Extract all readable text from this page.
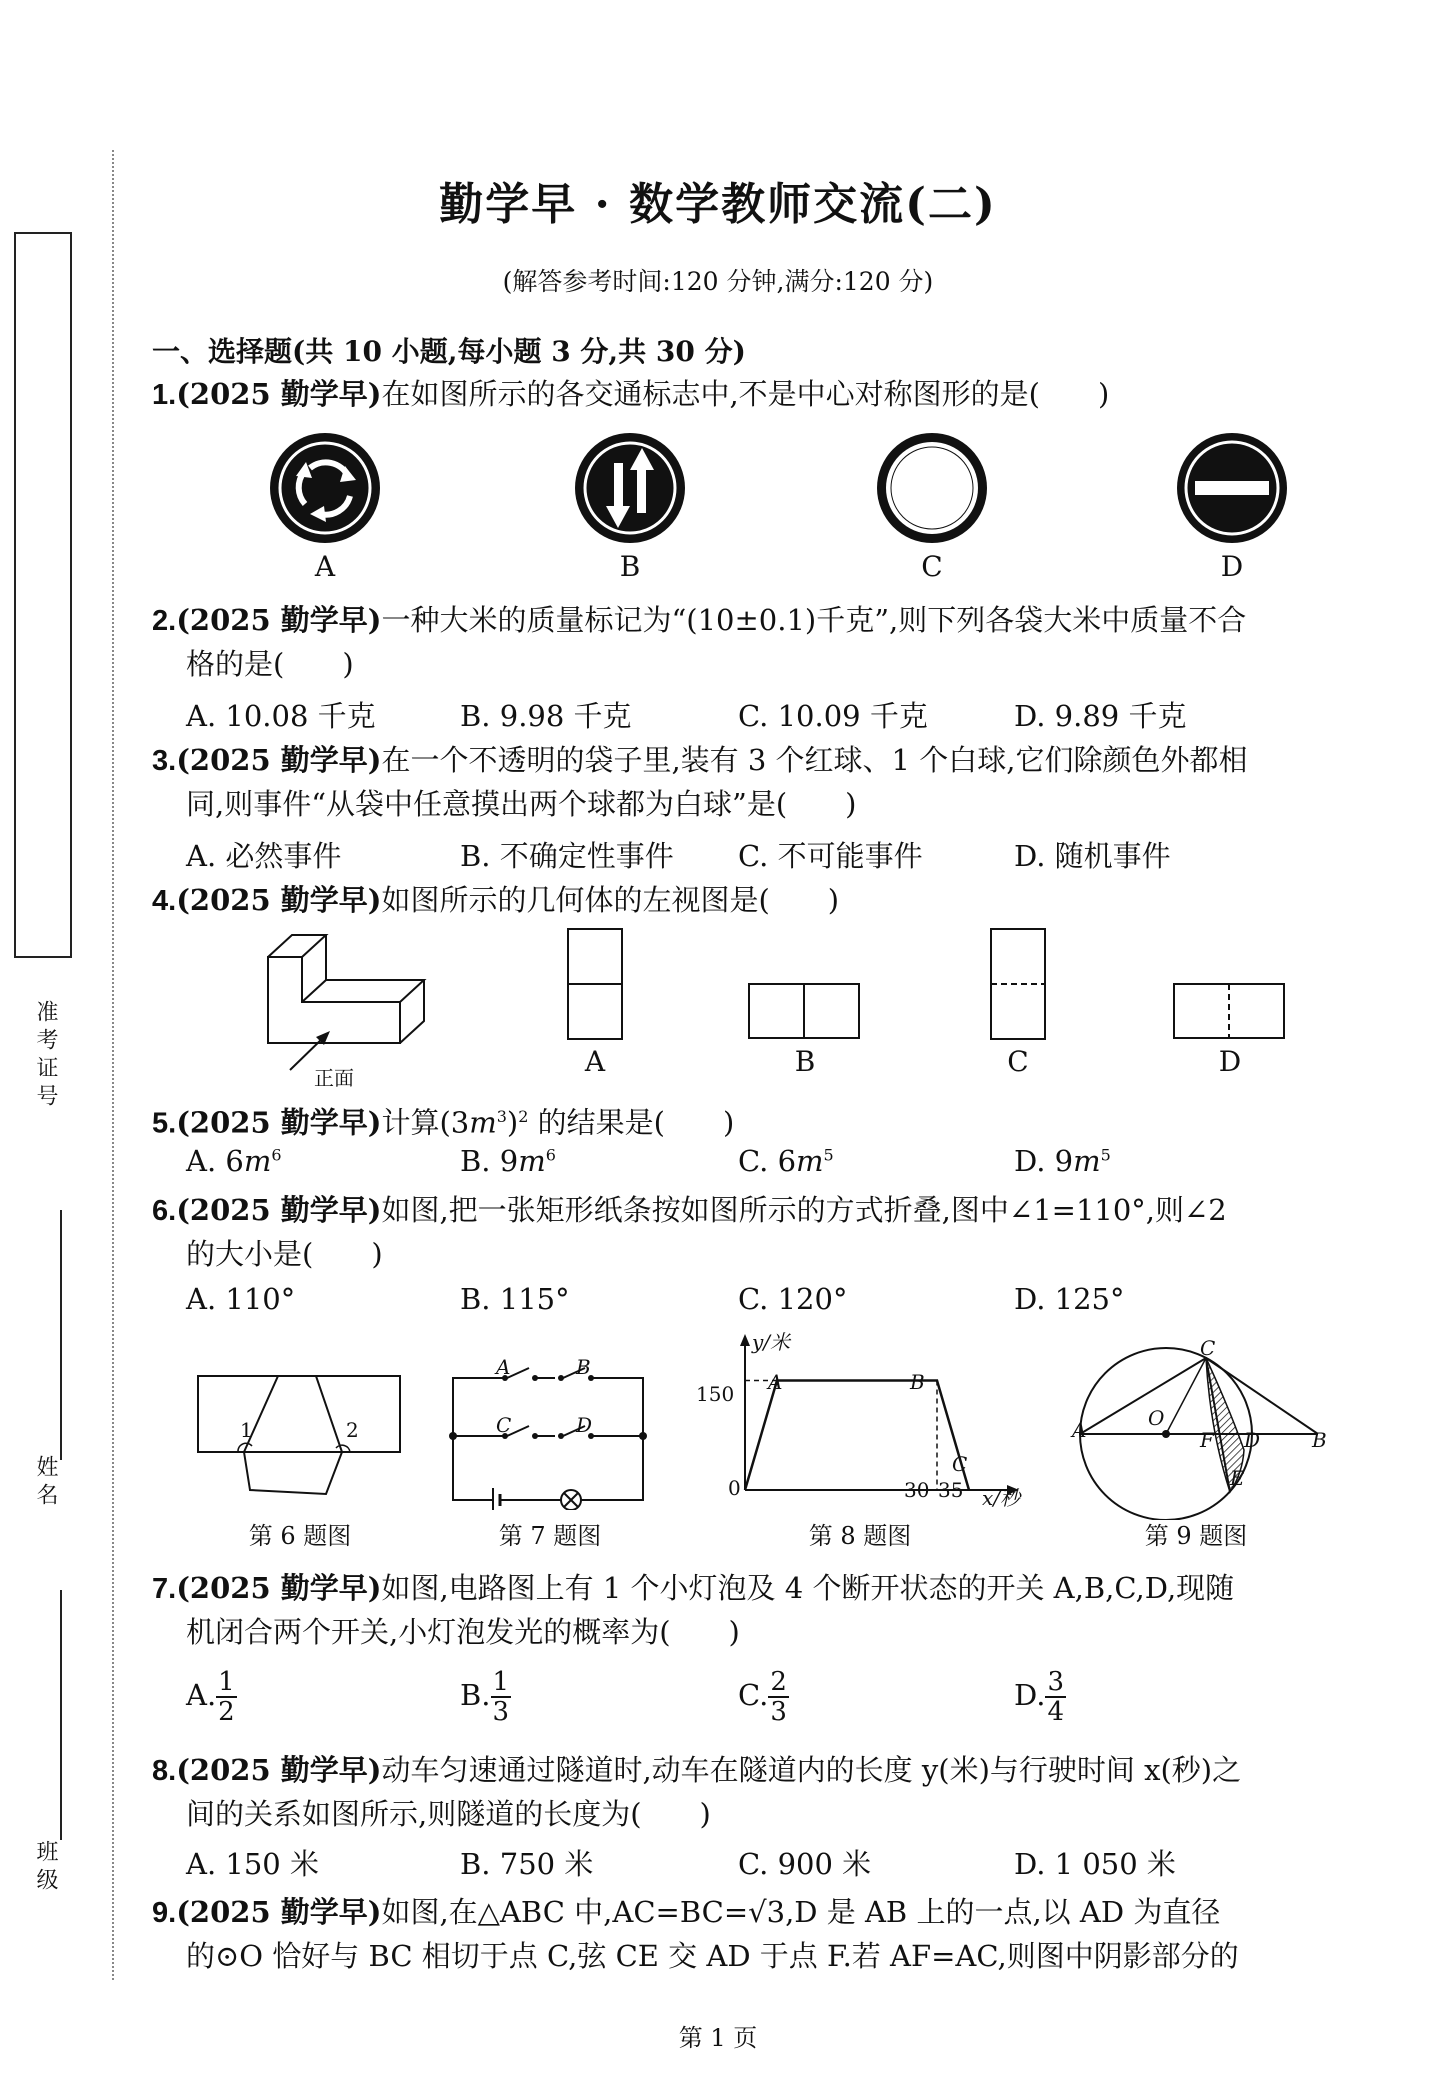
准考证号
姓名
班级
勤学早 · 数学教师交流(二)
(解答参考时间:120 分钟,满分:120 分)
一、选择题(共 10 小题,每小题 3 分,共 30 分)
1.(2025 勤学早)在如图所示的各交通标志中,不是中心对称图形的是(　　)
A	B	C	D
2.(2025 勤学早)一种大米的质量标记为“(10±0.1)千克”,则下列各袋大米中质量不合
格的是(　　)
A. 10.08 千克	B. 9.98 千克	C. 10.09 千克	D. 9.89 千克
3.(2025 勤学早)在一个不透明的袋子里,装有 3 个红球、1 个白球,它们除颜色外都相
同,则事件“从袋中任意摸出两个球都为白球”是(　　)
A. 必然事件	B. 不确定性事件 C. 不可能事件	D. 随机事件
4.(2025 勤学早)如图所示的几何体的左视图是(　　)
正面	A	B	C	D
5.(2025 勤学早)计算$(3m^3)^2$ 的结果是(　　)
A. $6m^6$	B. $9m^6$	C. $6m^5$	D. $9m^5$
6.(2025 勤学早)如图,把一张矩形纸条按如图所示的方式折叠,图中∠1=110°,则∠2
的大小是(　　)
A. 110°	B. 115°	C. 120°	D. 125°
1	2
第 6 题图
A	B
C	D
第 7 题图
y/米
x/秒
0
150
30 35
A	B
C
第 8 题图
A	O
F D	B
C
E
第 9 题图
7.(2025 勤学早)如图,电路图上有 1 个小灯泡及 4 个断开状态的开关 A,B,C,D,现随
机闭合两个开关,小灯泡发光的概率为(　　)
A. $\frac{1}{2}$	B. $\frac{1}{3}$	C. $\frac{2}{3}$	D. $\frac{3}{4}$
8.(2025 勤学早)动车匀速通过隧道时,动车在隧道内的长度 y(米)与行驶时间 x(秒)之
间的关系如图所示,则隧道的长度为(　　)
A. 150 米	B. 750 米	C. 900 米	D. 1 050 米
9.(2025 勤学早)如图,在△ABC 中,AC=BC=√3,D 是 AB 上的一点,以 AD 为直径
的⊙O 恰好与 BC 相切于点 C,弦 CE 交 AD 于点 F.若 AF=AC,则图中阴影部分的
第 1 页
